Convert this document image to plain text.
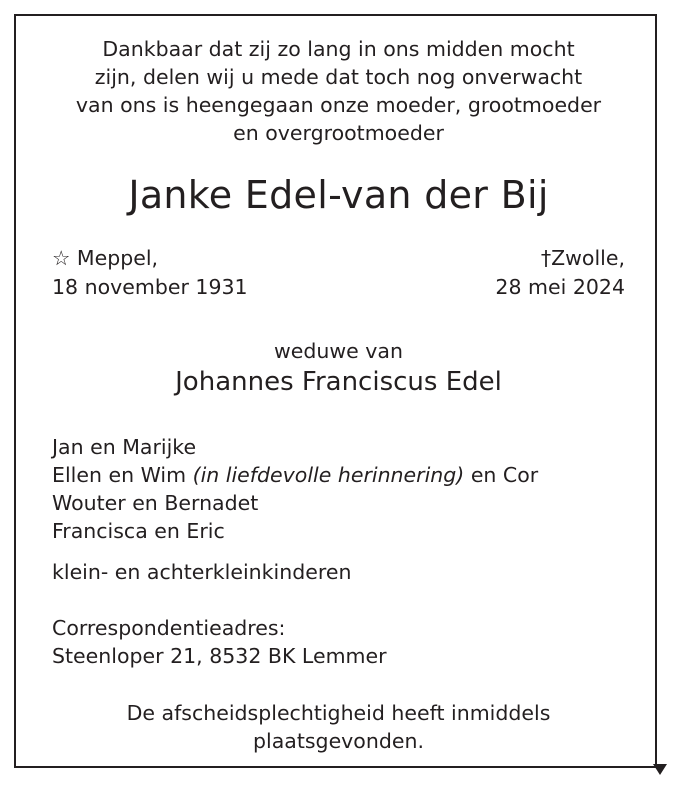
Dankbaar dat zij zo lang in ons midden mocht
zijn, delen wij u mede dat toch nog onverwacht
van ons is heengegaan onze moeder, grootmoeder
en overgrootmoeder
Janke Edel-van der Bij
☆ Meppel,
18 november 1931
†Zwolle,
28 mei 2024
weduwe van
Johannes Franciscus Edel
Jan en Marijke
Ellen en Wim (in liefdevolle herinnering) en Cor
Wouter en Bernadet
Francisca en Eric
klein- en achterkleinkinderen
Correspondentieadres:
Steenloper 21, 8532 BK Lemmer
De afscheidsplechtigheid heeft inmiddels
plaatsgevonden.
